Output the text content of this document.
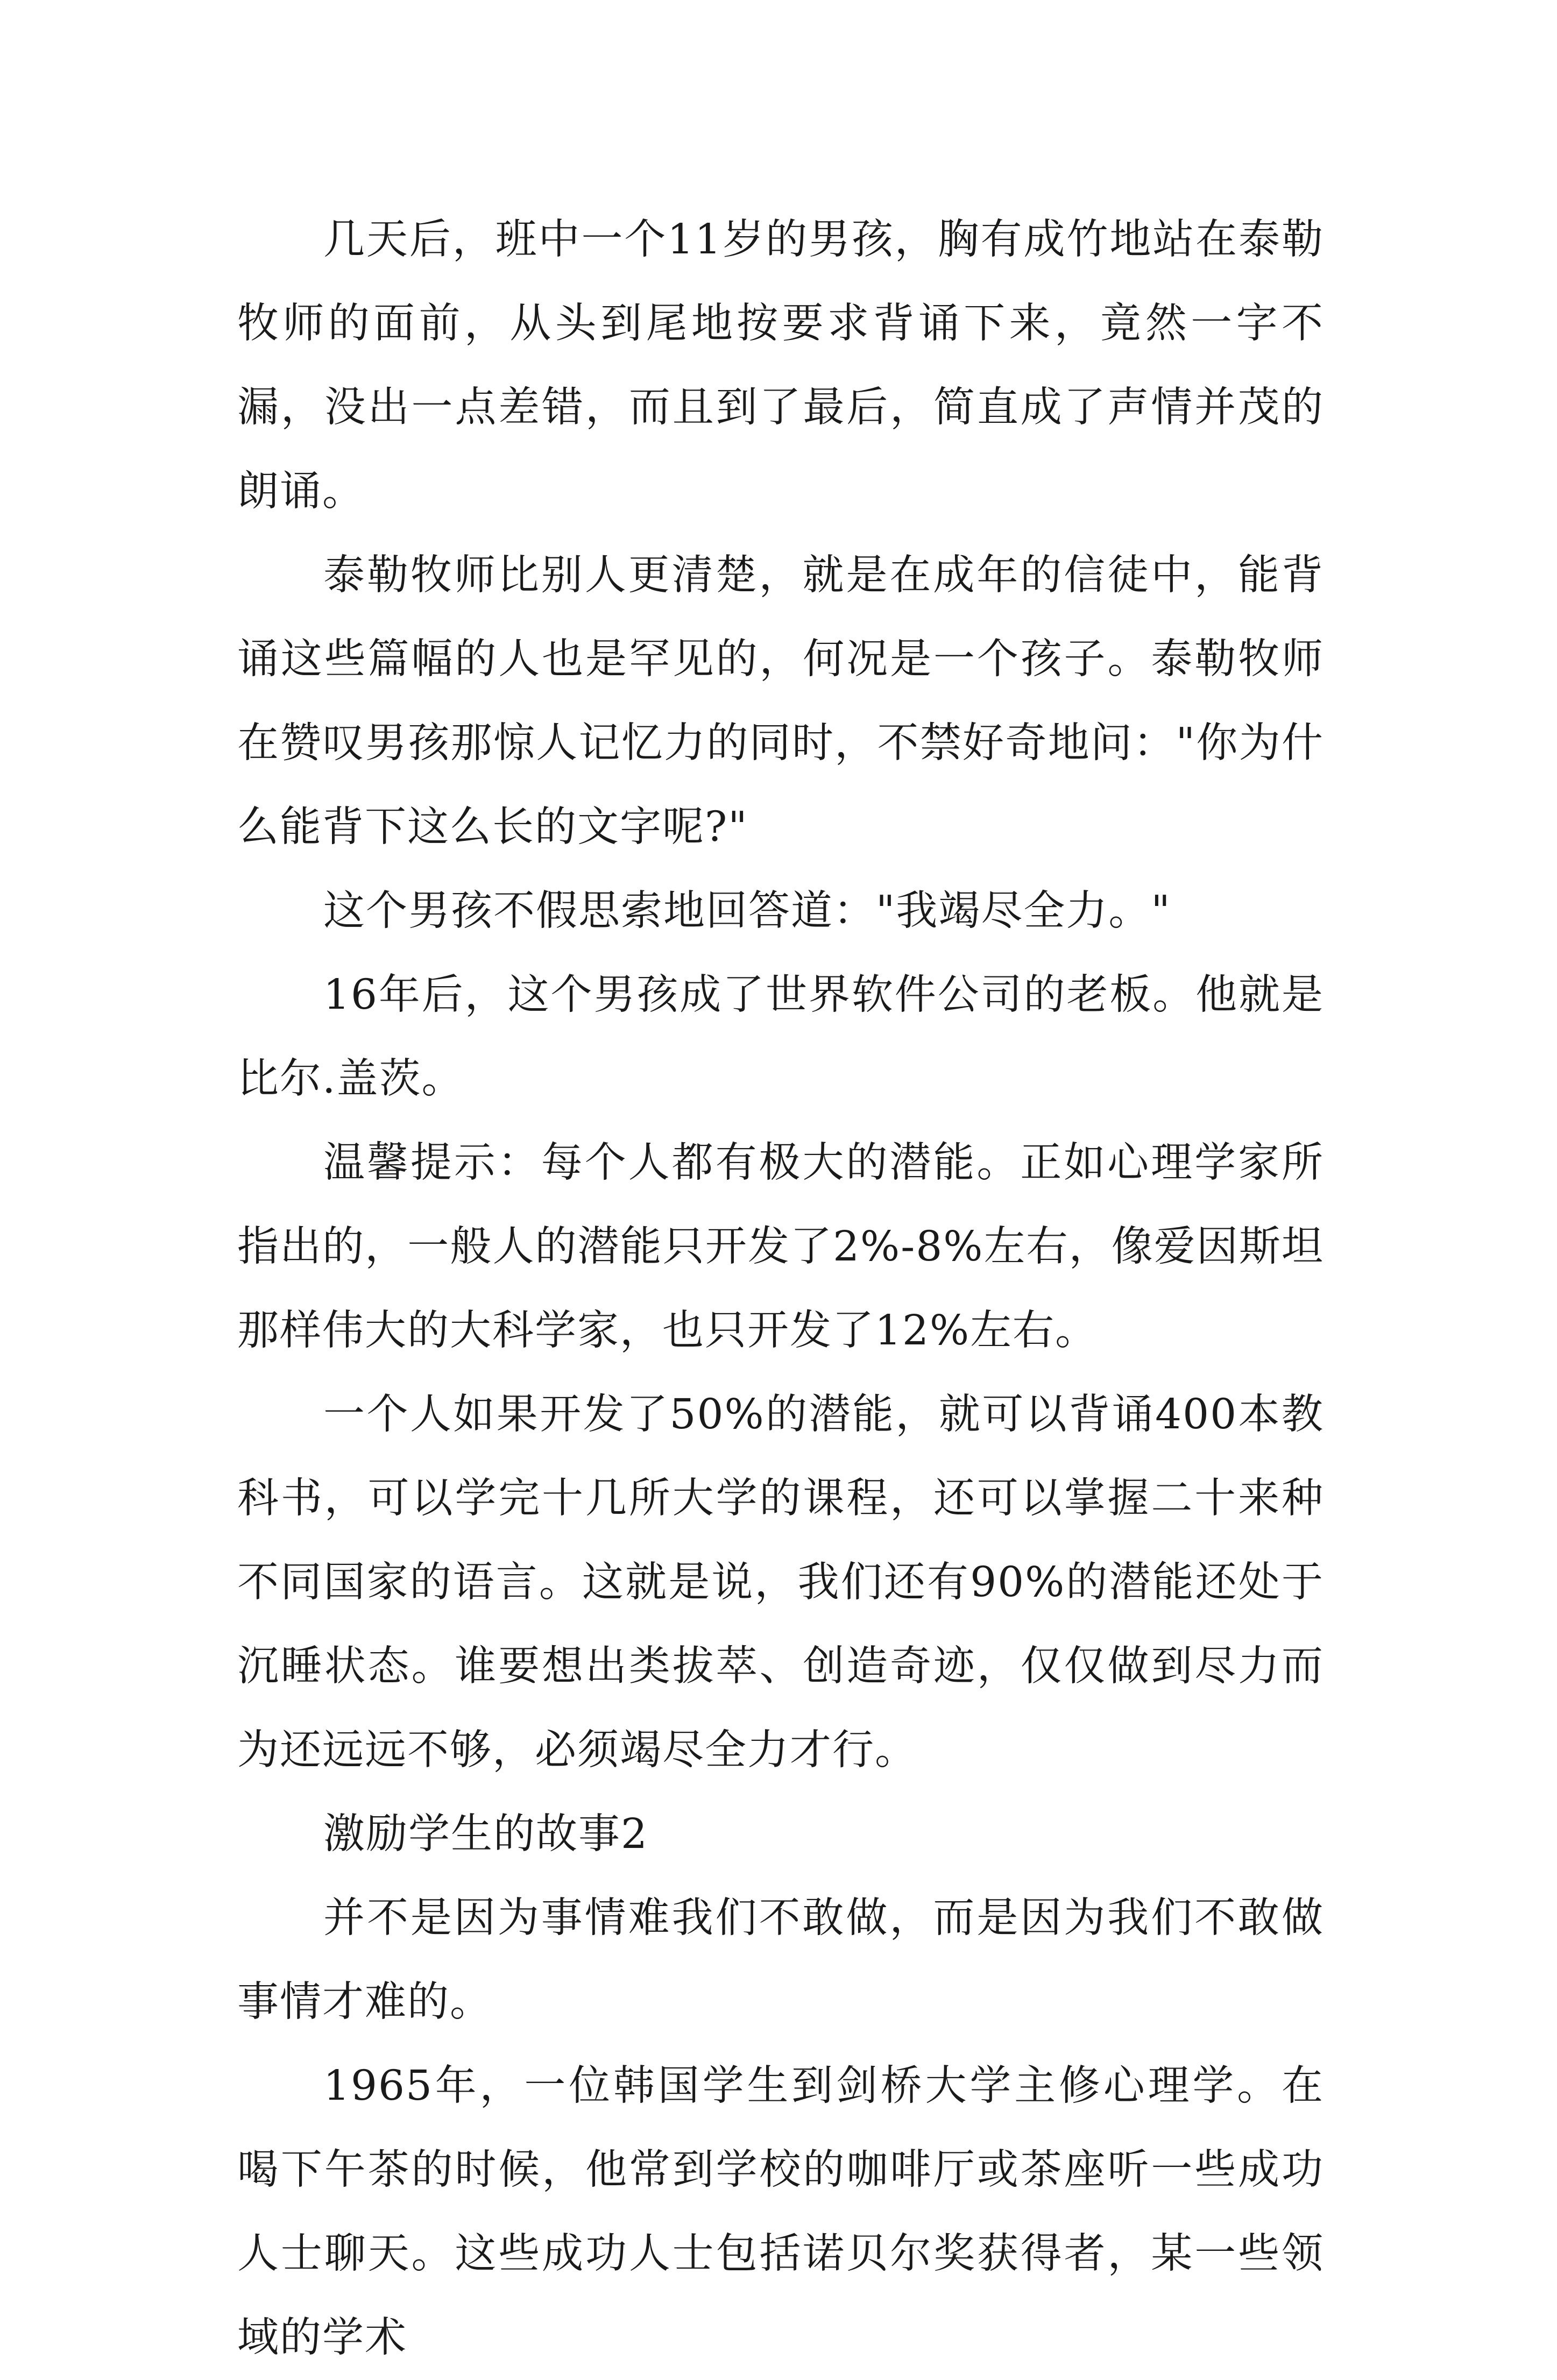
几天后，班中一个11岁的男孩，胸有成竹地站在泰勒牧师的面前，从头到尾地按要求背诵下来，竟然一字不漏，没出一点差错，而且到了最后，简直成了声情并茂的朗诵。

泰勒牧师比别人更清楚，就是在成年的信徒中，能背诵这些篇幅的人也是罕见的，何况是一个孩子。泰勒牧师在赞叹男孩那惊人记忆力的同时，不禁好奇地问："你为什么能背下这么长的文字呢?"

这个男孩不假思索地回答道："我竭尽全力。"

16年后，这个男孩成了世界软件公司的老板。他就是比尔.盖茨。

温馨提示：每个人都有极大的潜能。正如心理学家所指出的，一般人的潜能只开发了2%-8%左右，像爱因斯坦那样伟大的大科学家，也只开发了12%左右。

一个人如果开发了50%的潜能，就可以背诵400本教科书，可以学完十几所大学的课程，还可以掌握二十来种不同国家的语言。这就是说，我们还有90%的潜能还处于沉睡状态。谁要想出类拔萃、创造奇迹，仅仅做到尽力而为还远远不够，必须竭尽全力才行。

激励学生的故事2

并不是因为事情难我们不敢做，而是因为我们不敢做事情才难的。

1965年，一位韩国学生到剑桥大学主修心理学。在喝下午茶的时候，他常到学校的咖啡厅或茶座听一些成功人士聊天。这些成功人士包括诺贝尔奖获得者，某一些领域的学术
